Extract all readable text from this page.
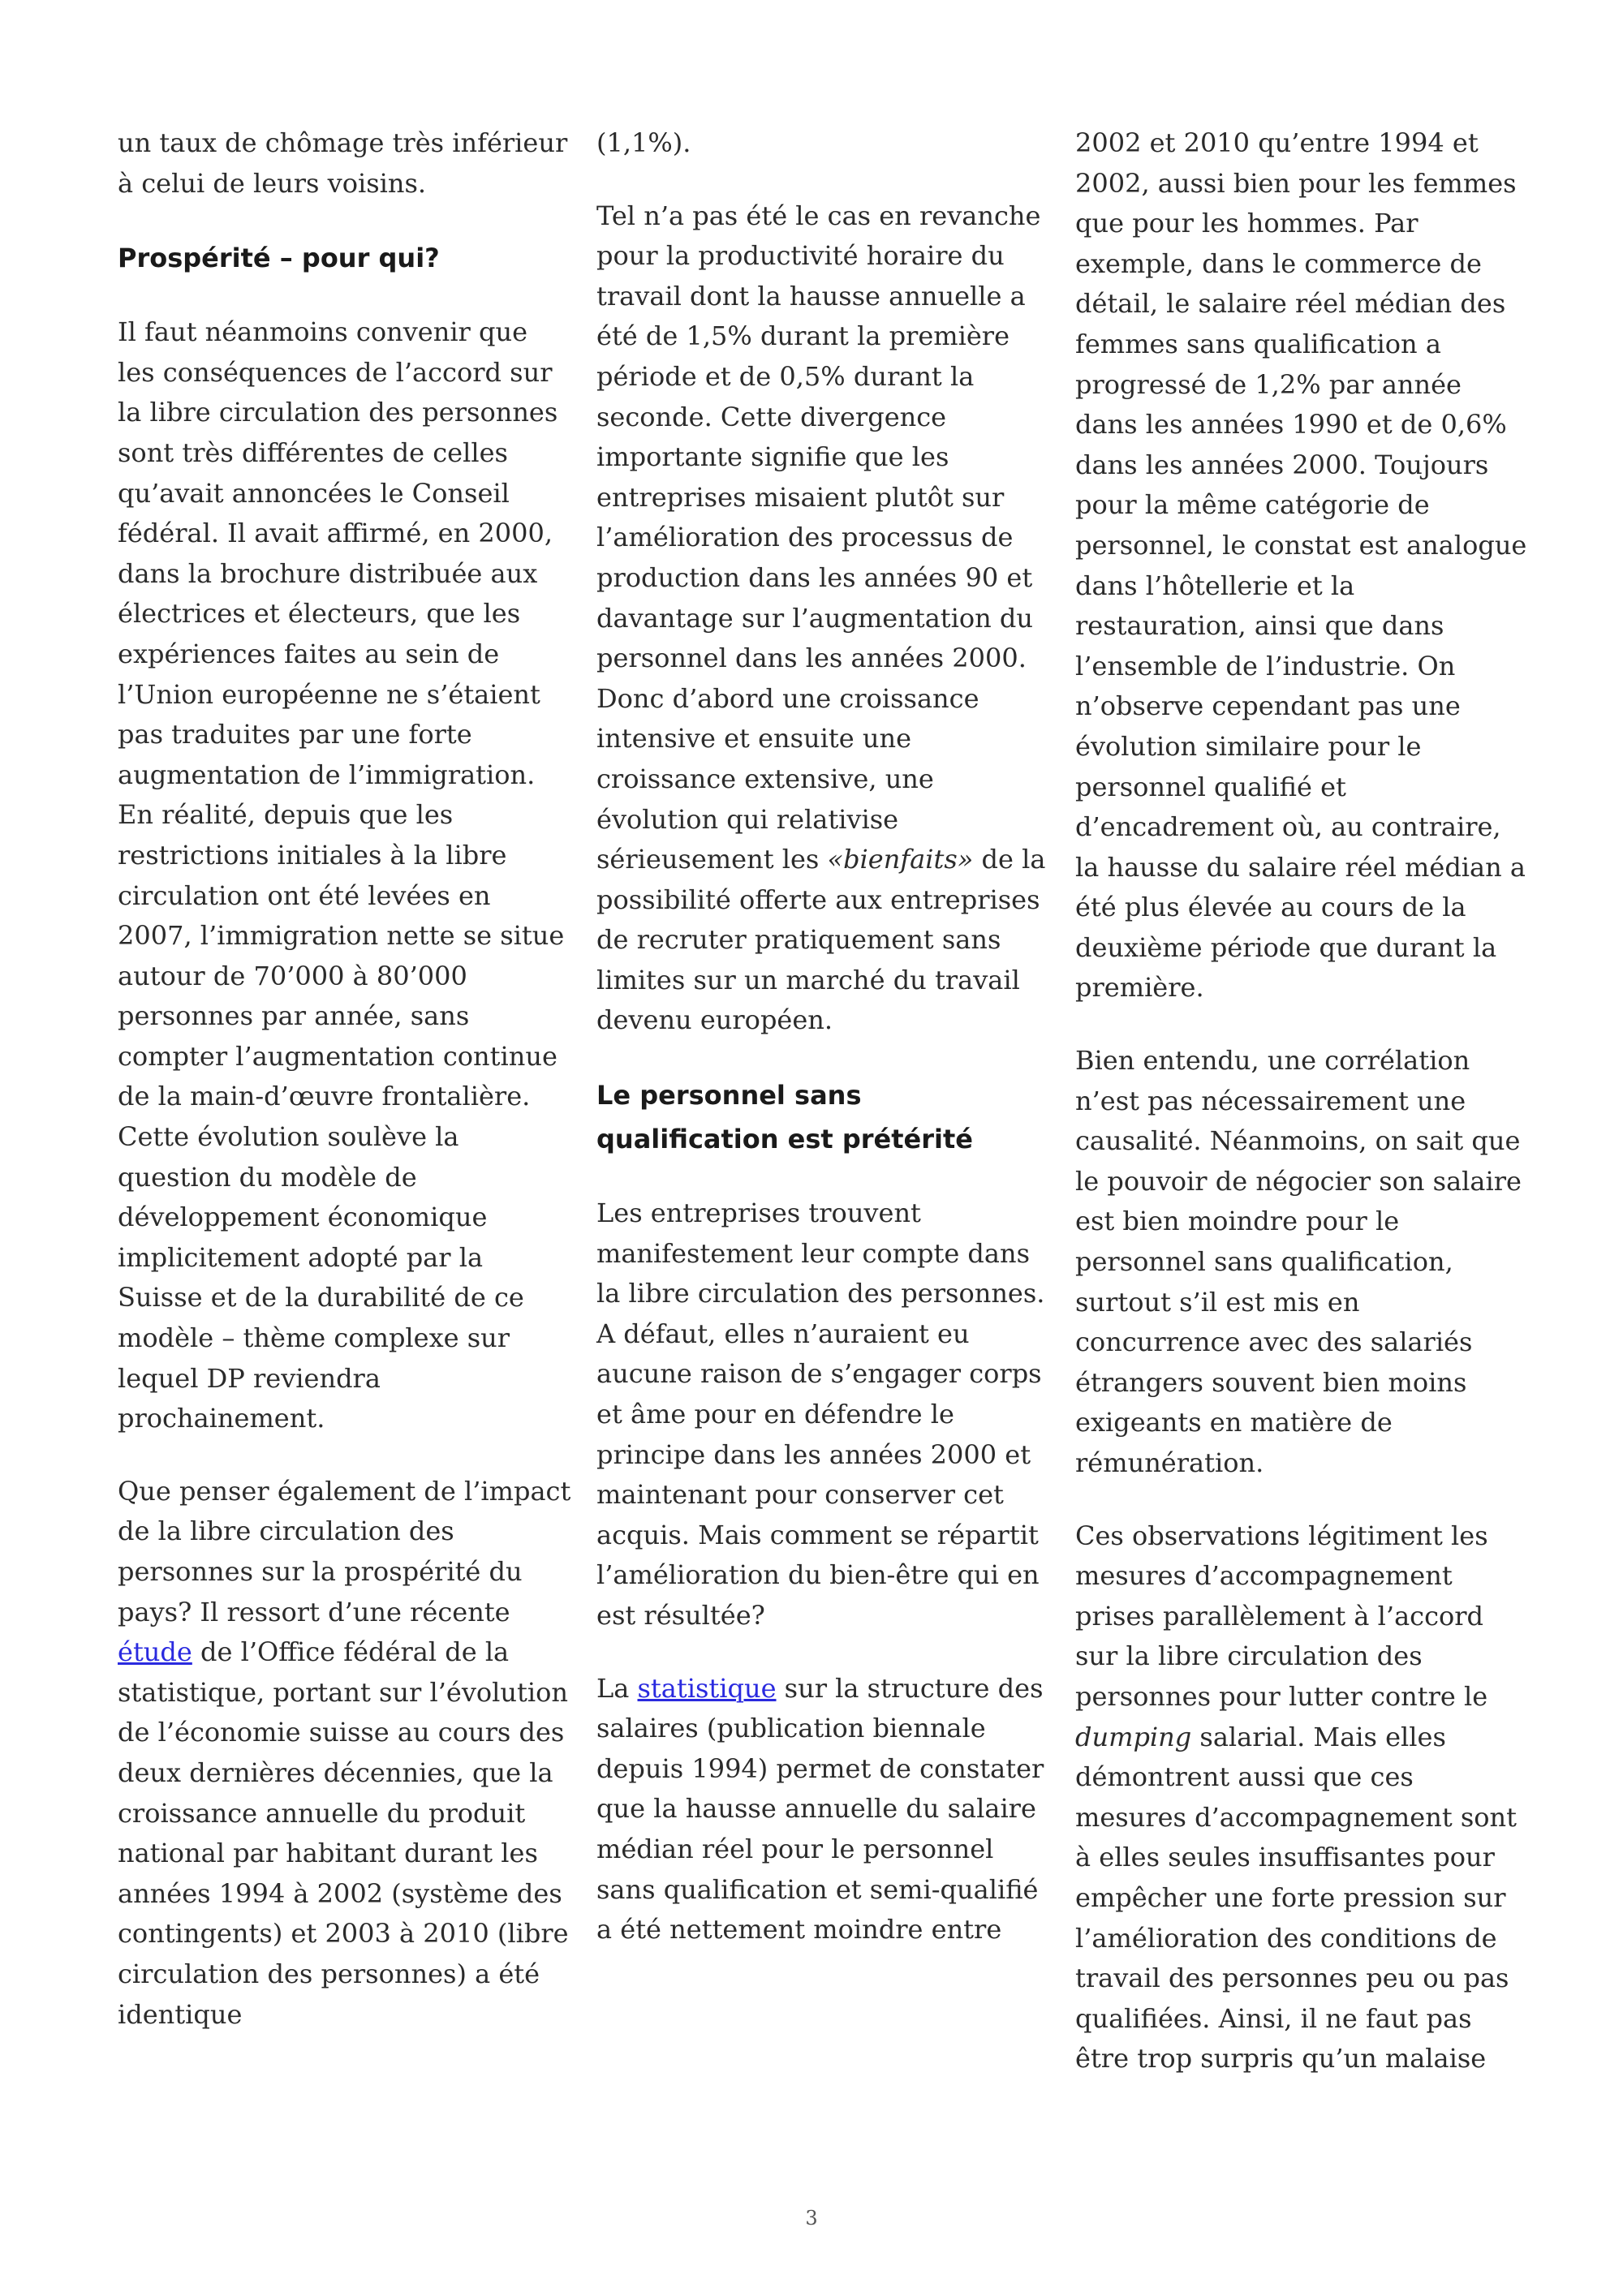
un taux de chômage très inférieur à celui de leurs voisins.

Prospérité – pour qui?

Il faut néanmoins convenir que les conséquences de l’accord sur la libre circulation des personnes sont très différentes de celles qu’avait annoncées le Conseil fédéral. Il avait affirmé, en 2000, dans la brochure distribuée aux électrices et électeurs, que les expériences faites au sein de l’Union européenne ne s’étaient pas traduites par une forte augmentation de l’immigration. En réalité, depuis que les restrictions initiales à la libre circulation ont été levées en 2007, l’immigration nette se situe autour de 70’000 à 80’000 personnes par année, sans compter l’augmentation continue de la main-d’œuvre frontalière. Cette évolution soulève la question du modèle de développement économique implicitement adopté par la Suisse et de la durabilité de ce modèle – thème complexe sur lequel DP reviendra prochainement.

Que penser également de l’impact de la libre circulation des personnes sur la prospérité du pays? Il ressort d’une récente étude de l’Office fédéral de la statistique, portant sur l’évolution de l’économie suisse au cours des deux dernières décennies, que la croissance annuelle du produit national par habitant durant les années 1994 à 2002 (système des contingents) et 2003 à 2010 (libre circulation des personnes) a été identique

(1,1%).

Tel n’a pas été le cas en revanche pour la productivité horaire du travail dont la hausse annuelle a été de 1,5% durant la première période et de 0,5% durant la seconde. Cette divergence importante signifie que les entreprises misaient plutôt sur l’amélioration des processus de production dans les années 90 et davantage sur l’augmentation du personnel dans les années 2000. Donc d’abord une croissance intensive et ensuite une croissance extensive, une évolution qui relativise sérieusement les «bienfaits» de la possibilité offerte aux entreprises de recruter pratiquement sans limites sur un marché du travail devenu européen.

Le personnel sans qualification est prétérité

Les entreprises trouvent manifestement leur compte dans la libre circulation des personnes. A défaut, elles n’auraient eu aucune raison de s’engager corps et âme pour en défendre le principe dans les années 2000 et maintenant pour conserver cet acquis. Mais comment se répartit l’amélioration du bien-être qui en est résultée?

La statistique sur la structure des salaires (publication biennale depuis 1994) permet de constater que la hausse annuelle du salaire médian réel pour le personnel sans qualification et semi-qualifié a été nettement moindre entre

2002 et 2010 qu’entre 1994 et 2002, aussi bien pour les femmes que pour les hommes. Par exemple, dans le commerce de détail, le salaire réel médian des femmes sans qualification a progressé de 1,2% par année dans les années 1990 et de 0,6% dans les années 2000. Toujours pour la même catégorie de personnel, le constat est analogue dans l’hôtellerie et la restauration, ainsi que dans l’ensemble de l’industrie. On n’observe cependant pas une évolution similaire pour le personnel qualifié et d’encadrement où, au contraire, la hausse du salaire réel médian a été plus élevée au cours de la deuxième période que durant la première.

Bien entendu, une corrélation n’est pas nécessairement une causalité. Néanmoins, on sait que le pouvoir de négocier son salaire est bien moindre pour le personnel sans qualification, surtout s’il est mis en concurrence avec des salariés étrangers souvent bien moins exigeants en matière de rémunération.

Ces observations légitiment les mesures d’accompagnement prises parallèlement à l’accord sur la libre circulation des personnes pour lutter contre le dumping salarial. Mais elles démontrent aussi que ces mesures d’accompagnement sont à elles seules insuffisantes pour empêcher une forte pression sur l’amélioration des conditions de travail des personnes peu ou pas qualifiées. Ainsi, il ne faut pas être trop surpris qu’un malaise

3
